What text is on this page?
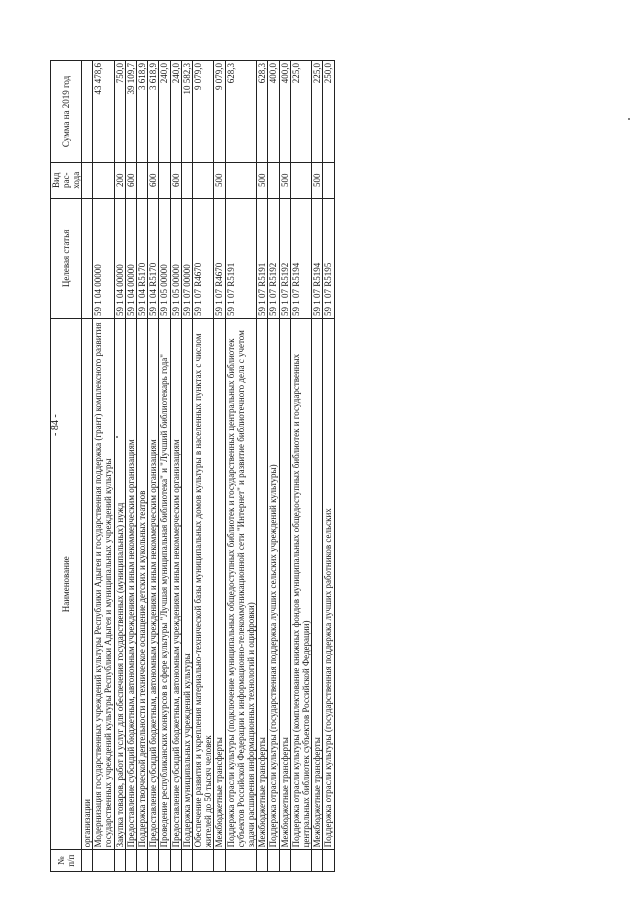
- 84 -
№ п/п	Наименование	Целевая статья	Вид рас-хода	Сумма на 2019 год
	организации			
	Модернизация государственных учреждений культуры Республики Адыгея и государственная поддержка (грант) комплексного развития государственных учреждений культуры Республики Адыгея и муниципальных учреждений культуры	59 1 04 00000		43 478,6
	Закупка товаров, работ и услуг для обеспечения государственных (муниципальных) нужд	59 1 04 00000	200	750,0
	Предоставление субсидий бюджетным, автономным учреждениям и иным некоммерческим организациям	59 1 04 00000	600	39 109,7
	Поддержка творческой деятельности и техническое оснащение детских и кукольных театров	59 1 04 R5170		3 618,9
	Предоставление субсидий бюджетным, автономным учреждениям и иным некоммерческим организациям	59 1 04 R5170	600	3 618,9
	Проведение республиканских конкурсов в сфере культуры "Лучшая муниципальная библиотека" и "Лучший библиотекарь года"	59 1 05 00000		240,0
	Предоставление субсидий бюджетным, автономным учреждениям и иным некоммерческим организациям	59 1 05 00000	600	240,0
	Поддержка муниципальных учреждений культуры	59 1 07 00000		10 582,3
	Обеспечение развития и укрепления материально-технической базы муниципальных домов культуры в населенных пунктах с числом жителей до 50 тысяч человек	59 1 07 R4670		9 079,0
	Межбюджетные трансферты	59 1 07 R4670	500	9 079,0
	Поддержка отрасли культуры (подключение муниципальных общедоступных библиотек и государственных центральных библиотек субъектов Российской Федерации к информационно-телекоммуникационной сети "Интернет" и развитие библиотечного дела с учетом задачи расширения информационных технологий и оцифровки)	59 1 07 R5191		628,3
	Межбюджетные трансферты	59 1 07 R5191	500	628,3
	Поддержка отрасли культуры (государственная поддержка лучших сельских учреждений культуры)	59 1 07 R5192		400,0
	Межбюджетные трансферты	59 1 07 R5192	500	400,0
	Поддержка отрасли культуры (комплектование книжных фондов муниципальных общедоступных библиотек и государственных центральных библиотек субъектов Российской Федерации)	59 1 07 R5194		225,0
	Межбюджетные трансферты	59 1 07 R5194	500	225,0
	Поддержка отрасли культуры (государственная поддержка лучших работников сельских	59 1 07 R5195		250,0
